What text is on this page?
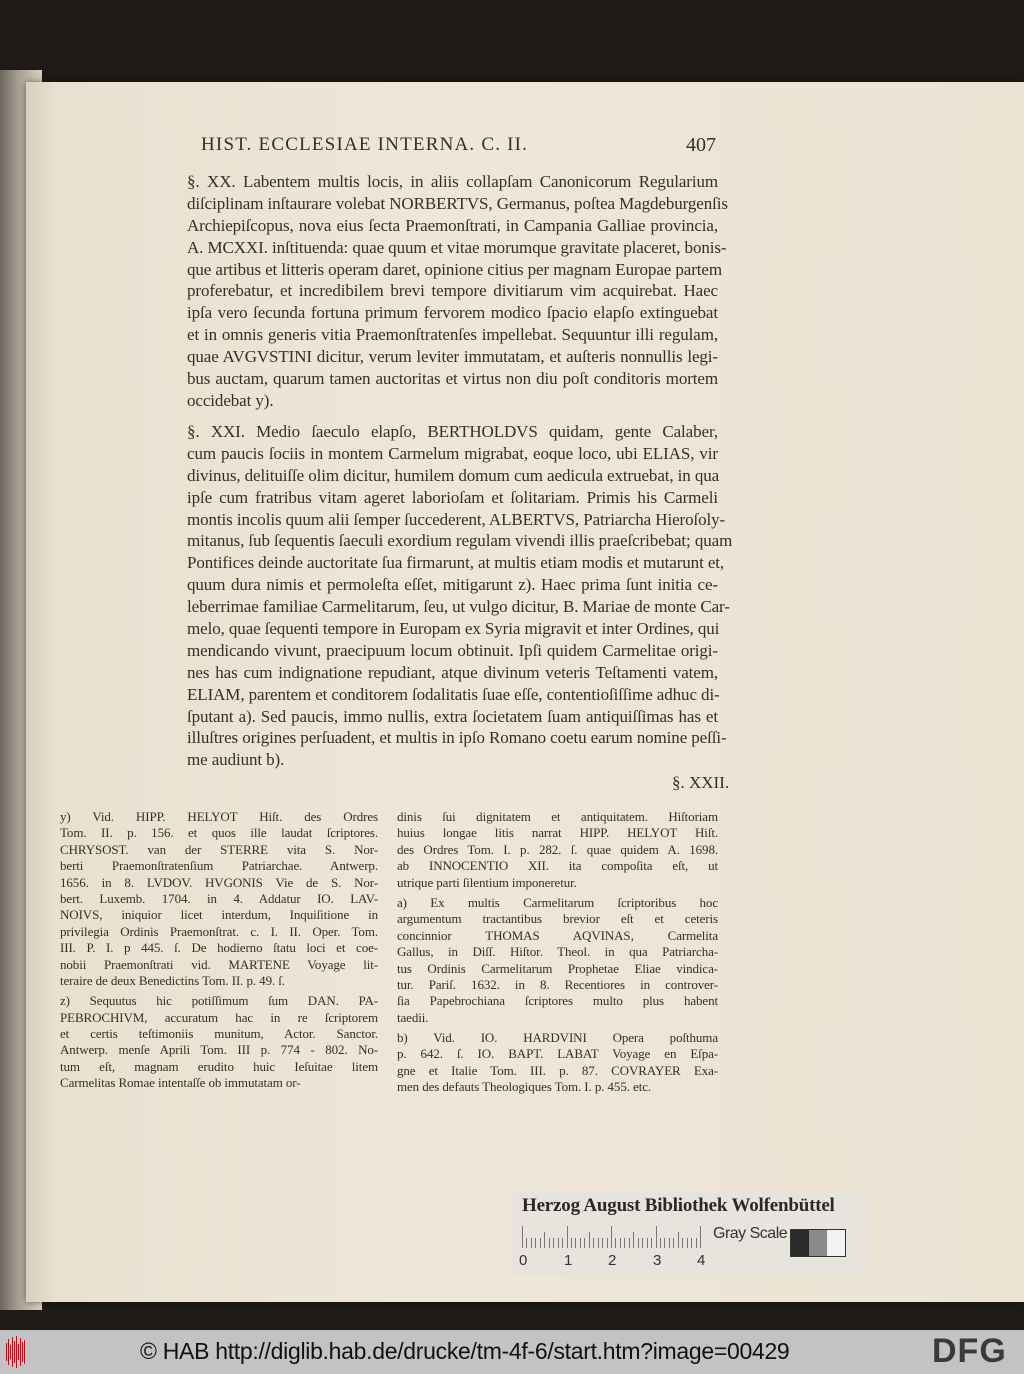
HIST. ECCLESIAE INTERNA. C. II.	407
§. XX. Labentem multis locis, in aliis collapſam Canonicorum Regularium
diſciplinam inſtaurare volebat NORBERTVS, Germanus, poſtea Magdeburgenſis
Archiepiſcopus, nova eius ſecta Praemonſtrati, in Campania Galliae provincia,
A. MCXXI. inſtituenda: quae quum et vitae morumque gravitate placeret, bonis-
que artibus et litteris operam daret, opinione citius per magnam Europae partem
proferebatur, et incredibilem brevi tempore divitiarum vim acquirebat. Haec
ipſa vero ſecunda fortuna primum fervorem modico ſpacio elapſo extinguebat
et in omnis generis vitia Praemonſtratenſes impellebat. Sequuntur illi regulam,
quae AVGVSTINI dicitur, verum leviter immutatam, et auſteris nonnullis legi-
bus auctam, quarum tamen auctoritas et virtus non diu poſt conditoris mortem
occidebat y).
§. XXI. Medio ſaeculo elapſo, BERTHOLDVS quidam, gente Calaber,
cum paucis ſociis in montem Carmelum migrabat, eoque loco, ubi ELIAS, vir
divinus, delituiſſe olim dicitur, humilem domum cum aedicula extruebat, in qua
ipſe cum fratribus vitam ageret laborioſam et ſolitariam. Primis his Carmeli
montis incolis quum alii ſemper ſuccederent, ALBERTVS, Patriarcha Hieroſoly-
mitanus, ſub ſequentis ſaeculi exordium regulam vivendi illis praeſcribebat; quam
Pontifices deinde auctoritate ſua firmarunt, at multis etiam modis et mutarunt et,
quum dura nimis et permoleſta eſſet, mitigarunt z). Haec prima ſunt initia ce-
leberrimae familiae Carmelitarum, ſeu, ut vulgo dicitur, B. Mariae de monte Car-
melo, quae ſequenti tempore in Europam ex Syria migravit et inter Ordines, qui
mendicando vivunt, praecipuum locum obtinuit. Ipſi quidem Carmelitae origi-
nes has cum indignatione repudiant, atque divinum veteris Teſtamenti vatem,
ELIAM, parentem et conditorem ſodalitatis ſuae eſſe, contentioſiſſime adhuc di-
ſputant a). Sed paucis, immo nullis, extra ſocietatem ſuam antiquiſſimas has et
illuſtres origines perſuadent, et multis in ipſo Romano coetu earum nomine peſſi-
me audiunt b).
§. XXII.
y) Vid. HIPP. HELYOT Hiſt. des Ordres
Tom. II. p. 156. et quos ille laudat ſcriptores.
CHRYSOST. van der STERRE vita S. Nor-
berti Praemonſtratenſium Patriarchae. Antwerp.
1656. in 8. LVDOV. HVGONIS Vie de S. Nor-
bert. Luxemb. 1704. in 4. Addatur IO. LAV-
NOIVS, iniquior licet interdum, Inquiſitione in
privilegia Ordinis Praemonſtrat. c. I. II. Oper. Tom.
III. P. I. p 445. ſ. De hodierno ſtatu loci et coe-
nobii Praemonſtrati vid. MARTENE Voyage lit-
teraire de deux Benedictins Tom. II. p. 49. ſ.
z) Sequutus hic potiſſimum ſum DAN. PA-
PEBROCHIVM, accuratum hac in re ſcriptorem
et certis teſtimoniis munitum, Actor. Sanctor.
Antwerp. menſe Aprili Tom. III p. 774 - 802. No-
tum eſt, magnam erudito huic Ieſuitae litem
Carmelitas Romae intentaſſe ob immutatam or-
dinis ſui dignitatem et antiquitatem. Hiſtoriam
huius longae litis narrat HIPP. HELYOT Hiſt.
des Ordres Tom. I. p. 282. ſ. quae quidem A. 1698.
ab INNOCENTIO XII. ita compoſita eſt, ut
utrique parti ſilentium imponeretur.
a) Ex multis Carmelitarum ſcriptoribus hoc
argumentum tractantibus brevior eſt et ceteris
concinnior THOMAS AQVINAS, Carmelita
Gallus, in Diſſ. Hiſtor. Theol. in qua Patriarcha-
tus Ordinis Carmelitarum Prophetae Eliae vindica-
tur. Pariſ. 1632. in 8. Recentiores in controver-
ſia Papebrochiana ſcriptores multo plus habent
taedii.
b) Vid. IO. HARDVINI Opera poſthuma
p. 642. ſ. IO. BAPT. LABAT Voyage en Eſpa-
gne et Italie Tom. III. p. 87. COVRAYER Exa-
men des defauts Theologiques Tom. I. p. 455. etc.
Herzog August Bibliothek Wolfenbüttel
0 1 2 3 4
Gray Scale
© HAB http://diglib.hab.de/drucke/tm-4f-6/start.htm?image=00429	DFG
